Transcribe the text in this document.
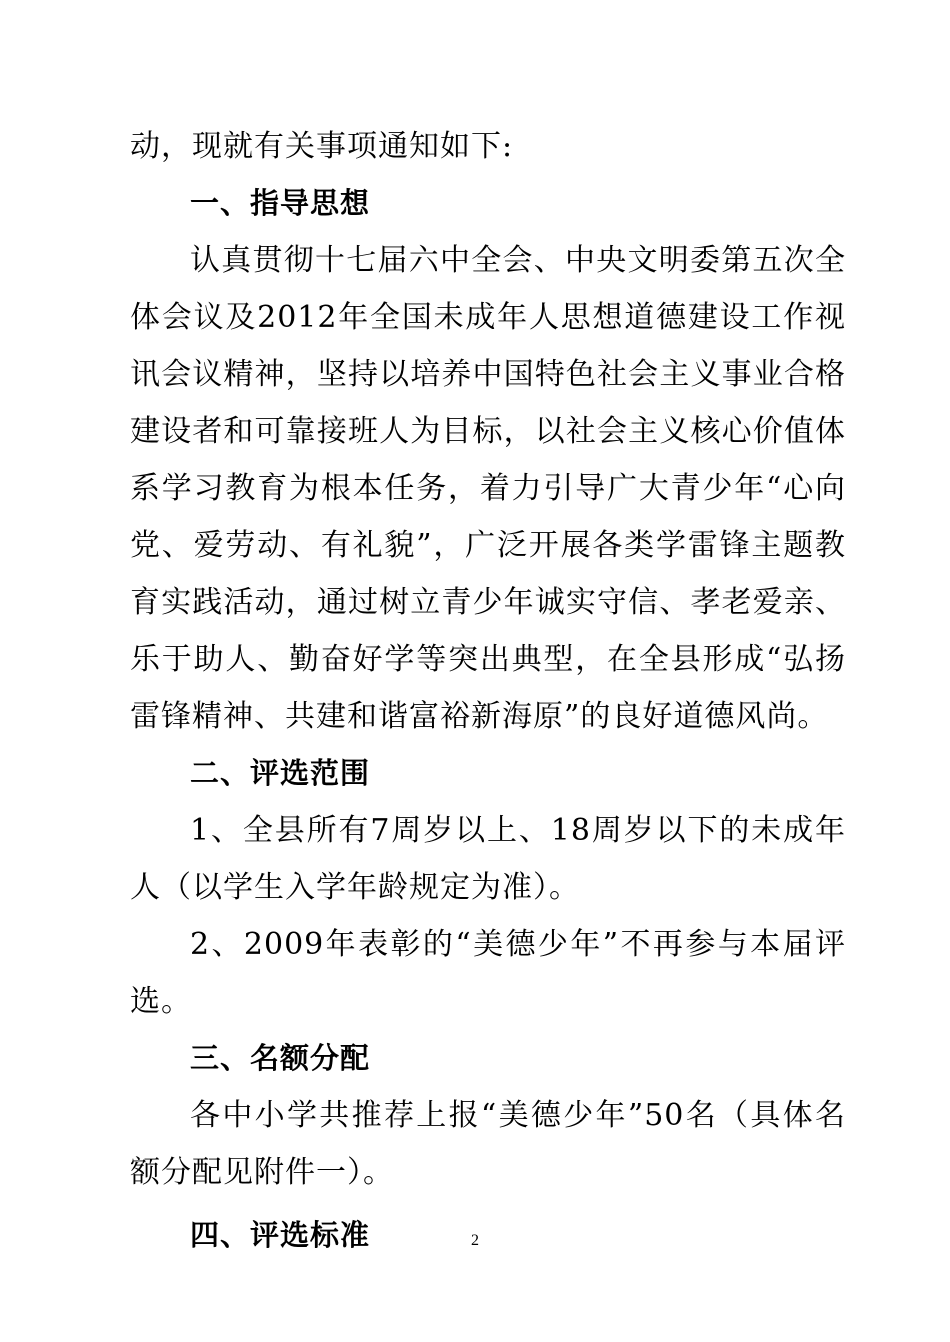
动，现就有关事项通知如下:

一、指导思想

认真贯彻十七届六中全会、中央文明委第五次全体会议及2012年全国未成年人思想道德建设工作视讯会议精神，坚持以培养中国特色社会主义事业合格建设者和可靠接班人为目标，以社会主义核心价值体系学习教育为根本任务，着力引导广大青少年“心向党、爱劳动、有礼貌”，广泛开展各类学雷锋主题教育实践活动，通过树立青少年诚实守信、孝老爱亲、乐于助人、勤奋好学等突出典型，在全县形成“弘扬雷锋精神、共建和谐富裕新海原”的良好道德风尚。

二、评选范围

1、全县所有7周岁以上、18周岁以下的未成年人（以学生入学年龄规定为准）。

2、2009年表彰的“美德少年”不再参与本届评选。

三、名额分配

各中小学共推荐上报“美德少年”50名（具体名额分配见附件一）。

四、评选标准	2
